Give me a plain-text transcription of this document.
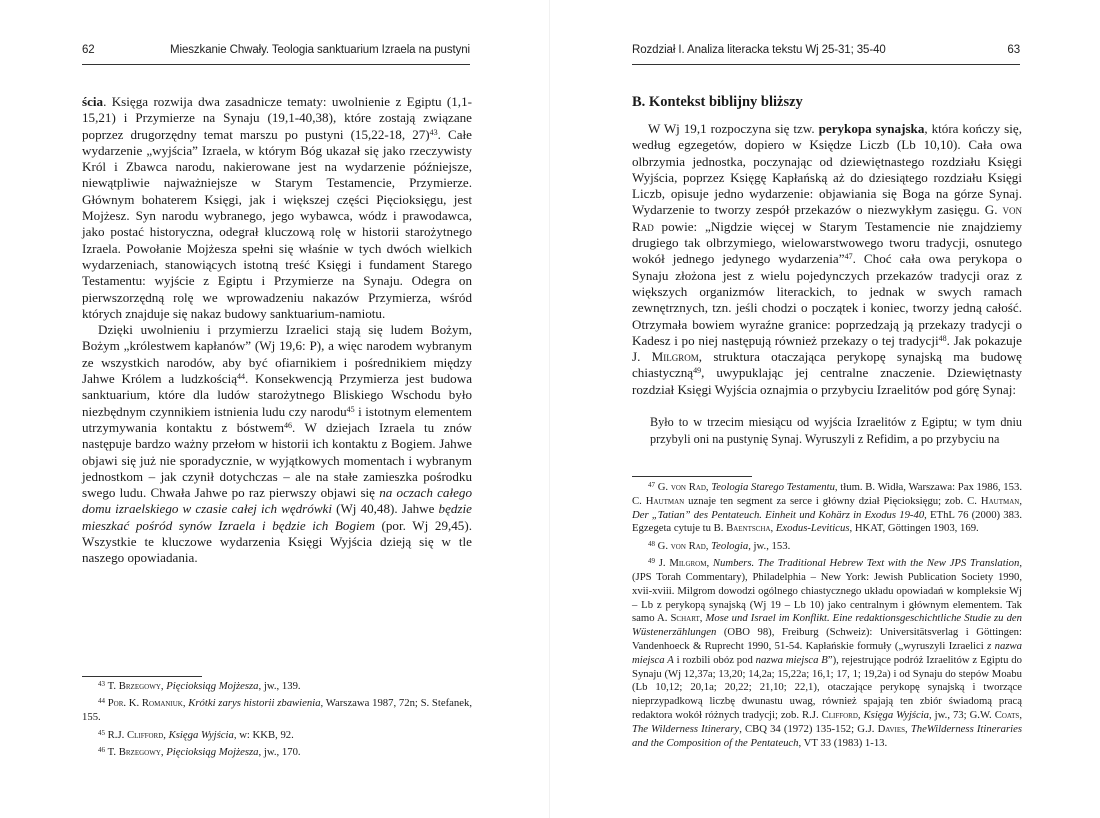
62	Mieszkanie Chwały. Teologia sanktuarium Izraela na pustyni

ścia. Księga rozwija dwa zasadnicze tematy: uwolnienie z Egiptu (1,1-15,21) i Przymierze na Synaju (19,1-40,38), które zostają związane poprzez drugorzędny temat marszu po pustyni (15,22-18, 27)$^{43}$. Całe wydarzenie „wyjścia” Izraela, w którym Bóg ukazał się jako rzeczywisty Król i Zbawca narodu, nakierowane jest na wydarzenie późniejsze, niewątpliwie najważniejsze w Starym Testamencie, Przymierze. Głównym bohaterem Księgi, jak i większej części Pięcioksięgu, jest Mojżesz. Syn narodu wybranego, jego wybawca, wódz i prawodawca, jako postać historyczna, odegrał kluczową rolę w historii starożytnego Izraela. Powołanie Mojżesza spełni się właśnie w tych dwóch wielkich wydarzeniach, stanowiących istotną treść Księgi i fundament Starego Testamentu: wyjście z Egiptu i Przymierze na Synaju. Odegra on pierwszorzędną rolę we wprowadzeniu nakazów Przymierza, wśród których znajduje się nakaz budowy sanktuarium-namiotu.

Dzięki uwolnieniu i przymierzu Izraelici stają się ludem Bożym, Bożym „królestwem kapłanów” (Wj 19,6: P), a więc narodem wybranym ze wszystkich narodów, aby być ofiarnikiem i pośrednikiem między Jahwe Królem a ludzkością$^{44}$. Konsekwencją Przymierza jest budowa sanktuarium, które dla ludów starożytnego Bliskiego Wschodu było niezbędnym czynnikiem istnienia ludu czy narodu$^{45}$ i istotnym elementem utrzymywania kontaktu z bóstwem$^{46}$. W dziejach Izraela tu znów następuje bardzo ważny przełom w historii ich kontaktu z Bogiem. Jahwe objawi się już nie sporadycznie, w wyjątkowych momentach i wybranym jednostkom – jak czynił dotychczas – ale na stałe zamieszka pośrodku swego ludu. Chwała Jahwe po raz pierwszy objawi się na oczach całego domu izraelskiego w czasie całej ich wędrówki (Wj 40,48). Jahwe będzie mieszkać pośród synów Izraela i będzie ich Bogiem (por. Wj 29,45). Wszystkie te kluczowe wydarzenia Księgi Wyjścia dzieją się w tle naszego opowiadania.

$^{43}$ T. Brzegowy, Pięcioksiąg Mojżesza, jw., 139.

$^{44}$ Por. K. Romaniuk, Krótki zarys historii zbawienia, Warszawa 1987, 72n; S. Stefanek, 155.

$^{45}$ R.J. Clifford, Księga Wyjścia, w: KKB, 92.

$^{46}$ T. Brzegowy, Pięcioksiąg Mojżesza, jw., 170.

Rozdział I. Analiza literacka tekstu Wj 25-31; 35-40	63
B. Kontekst biblijny bliższy

W Wj 19,1 rozpoczyna się tzw. perykopa synajska, która kończy się, według egzegetów, dopiero w Księdze Liczb (Lb 10,10). Cała owa olbrzymia jednostka, poczynając od dziewiętnastego rozdziału Księgi Wyjścia, poprzez Księgę Kapłańską aż do dziesiątego rozdziału Księgi Liczb, opisuje jedno wydarzenie: objawiania się Boga na górze Synaj. Wydarzenie to tworzy zespół przekazów o niezwykłym zasięgu. G. von Rad powie: „Nigdzie więcej w Starym Testamencie nie znajdziemy drugiego tak olbrzymiego, wielowarstwowego tworu tradycji, osnutego wokół jednego jedynego wydarzenia”$^{47}$. Choć cała owa perykopa o Synaju złożona jest z wielu pojedynczych przekazów tradycji oraz z większych organizmów literackich, to jednak w swych ramach zewnętrznych, tzn. jeśli chodzi o początek i koniec, tworzy jedną całość. Otrzymała bowiem wyraźne granice: poprzedzają ją przekazy tradycji o Kadesz i po niej następują również przekazy o tej tradycji$^{48}$. Jak pokazuje J. Milgrom, struktura otaczająca perykopę synajską ma budowę chiastyczną$^{49}$, uwypuklając jej centralne znaczenie. Dziewiętnasty rozdział Księgi Wyjścia oznajmia o przybyciu Izraelitów pod górę Synaj:

Było to w trzecim miesiącu od wyjścia Izraelitów z Egiptu; w tym dniu przybyli oni na pustynię Synaj. Wyruszyli z Refidim, a po przybyciu na

$^{47}$ G. von Rad, Teologia Starego Testamentu, tłum. B. Widła, Warszawa: Pax 1986, 153. C. Hautman uznaje ten segment za serce i główny dział Pięcioksięgu; zob. C. Hautman, Der „Tatian” des Pentateuch. Einheit und Kohärz in Exodus 19-40, EThL 76 (2000) 383. Egzegeta cytuje tu B. Baentscha, Exodus-Leviticus, HKAT, Göttingen 1903, 169.

$^{48}$ G. von Rad, Teologia, jw., 153.

$^{49}$ J. Milgrom, Numbers. The Traditional Hebrew Text with the New JPS Translation, (JPS Torah Commentary), Philadelphia – New York: Jewish Publication Society 1990, xvii-xviii. Milgrom dowodzi ogólnego chiastycznego układu opowiadań w kompleksie Wj – Lb z perykopą synajską (Wj 19 – Lb 10) jako centralnym i głównym elementem. Tak samo A. Schart, Mose und Israel im Konflikt. Eine redaktionsgeschichtliche Studie zu den Wüstenerzählungen (OBO 98), Freiburg (Schweiz): Universitätsverlag i Göttingen: Vandenhoeck & Ruprecht 1990, 51-54. Kapłańskie formuły („wyruszyli Izraelici z nazwa miejsca A i rozbili obóz pod nazwa miejsca B”), rejestrujące podróż Izraelitów z Egiptu do Synaju (Wj 12,37a; 13,20; 14,2a; 15,22a; 16,1; 17, 1; 19,2a) i od Synaju do stepów Moabu (Lb 10,12; 20,1a; 20,22; 21,10; 22,1), otaczające perykopę synajską i tworzące nieprzypadkową liczbę dwunastu uwag, również spajają ten zbiór świadomą pracą redaktora wokół różnych tradycji; zob. R.J. Clifford, Księga Wyjścia, jw., 73; G.W. Coats, The Wilderness Itinerary, CBQ 34 (1972) 135-152; G.J. Davies, TheWilderness Itineraries and the Composition of the Pentateuch, VT 33 (1983) 1-13.
